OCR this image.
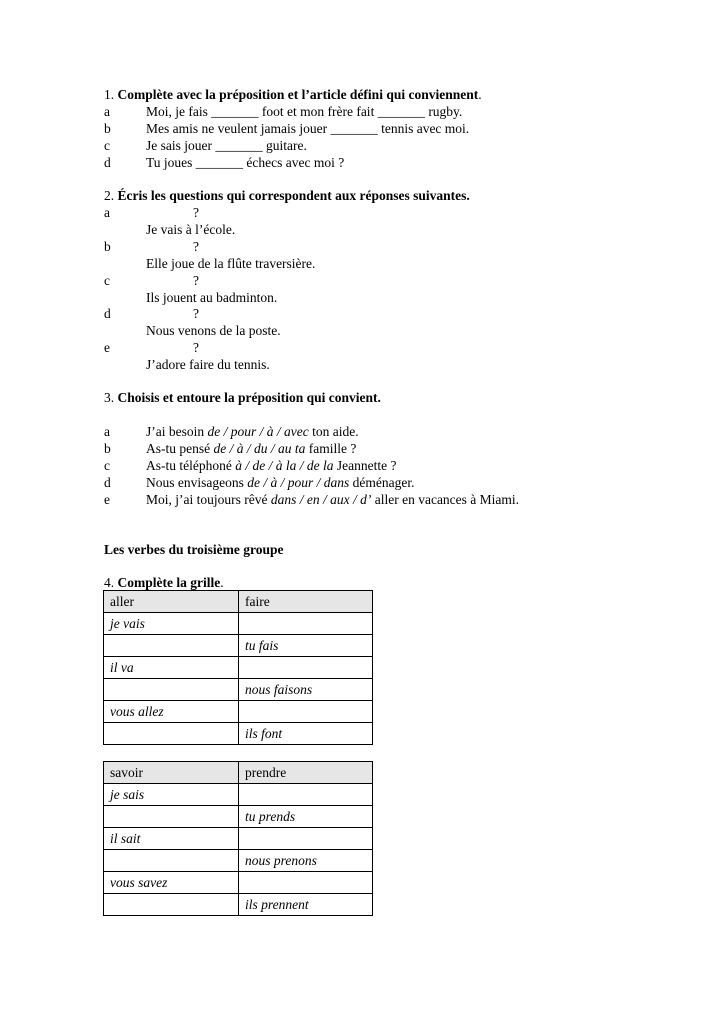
1. Complète avec la préposition et l’article défini qui conviennent.
a	Moi, je fais _______ foot et mon frère fait _______ rugby.
b	Mes amis ne veulent jamais jouer _______ tennis avec moi.
c	Je sais jouer _______ guitare.
d	Tu joues _______ échecs avec moi ?
2. Écris les questions qui correspondent aux réponses suivantes.
a	?
Je vais à l’école.
b	?
Elle joue de la flûte traversière.
c	?
Ils jouent au badminton.
d	?
Nous venons de la poste.
e	?
J’adore faire du tennis.
3. Choisis et entoure la préposition qui convient.
a	J’ai besoin de / pour / à / avec ton aide.
b	As-tu pensé de / à / du / au ta famille ?
c	As-tu téléphoné à / de / à la / de la Jeannette ?
d	Nous envisageons de / à / pour / dans déménager.
e	Moi, j’ai toujours rêvé dans / en / aux / d’ aller en vacances à Miami.
Les verbes du troisième groupe
4. Complète la grille.
aller	faire
je vais	
	tu fais
il va	
	nous faisons
vous allez	
	ils font
savoir	prendre
je sais	
	tu prends
il sait	
	nous prenons
vous savez	
	ils prennent
